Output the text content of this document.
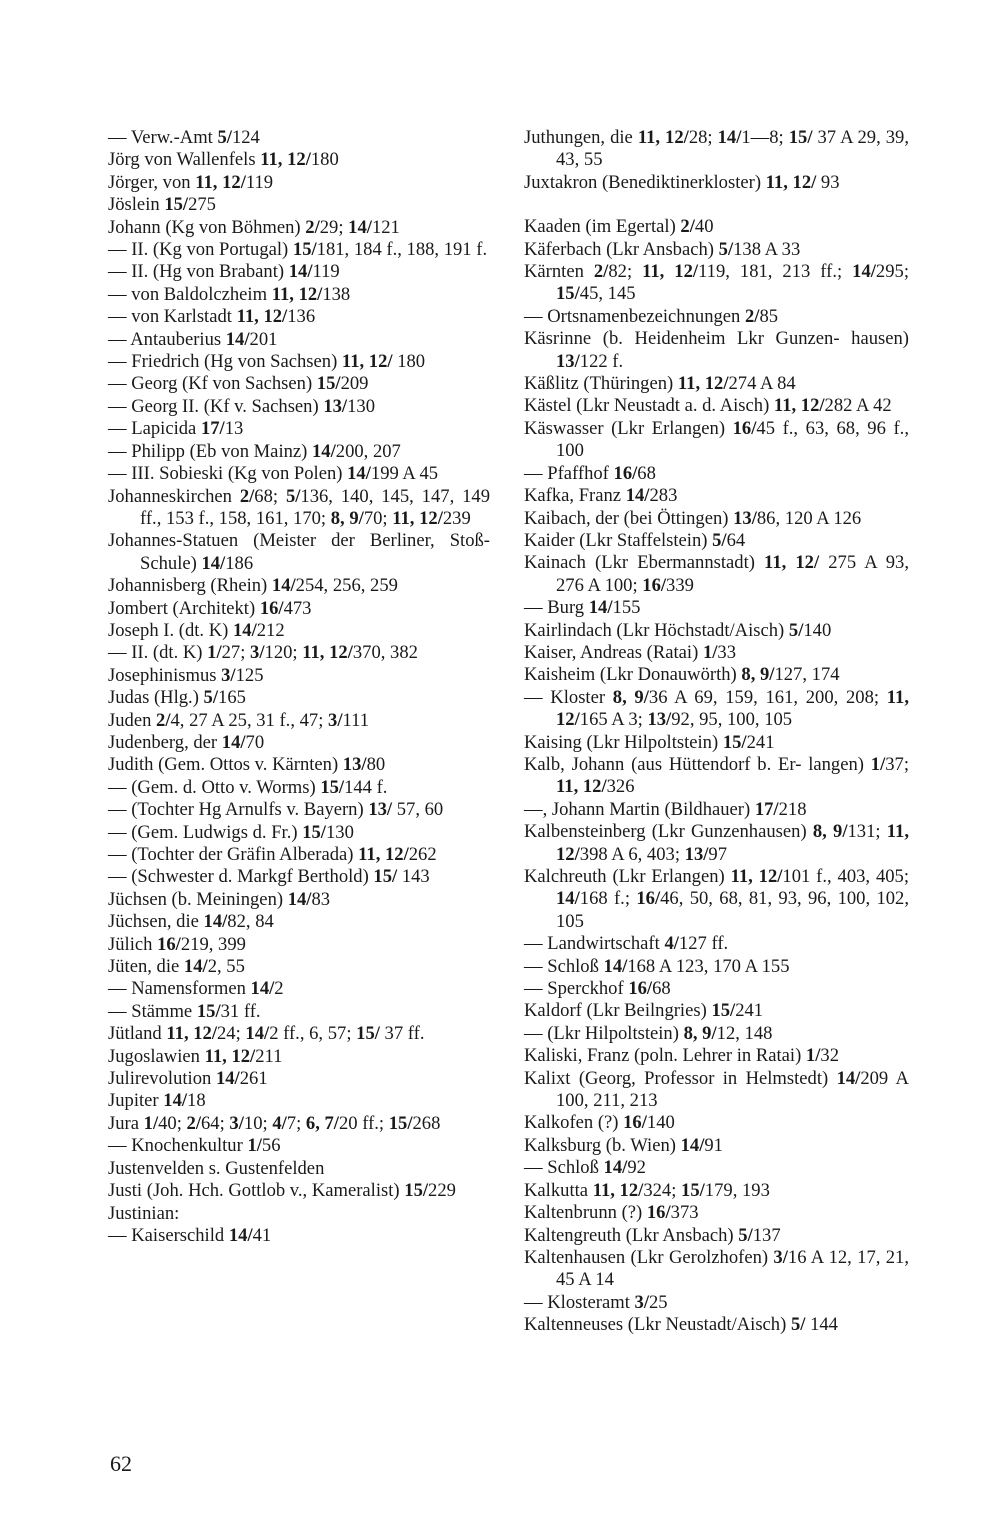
— Verw.-Amt 5/124

Jörg von Wallenfels 11, 12/180

Jörger, von 11, 12/119

Jöslein 15/275

Johann (Kg von Böhmen) 2/29; 14/121

— II. (Kg von Portugal) 15/181, 184 f., 188, 191 f.

— II. (Hg von Brabant) 14/119

— von Baldolczheim 11, 12/138

— von Karlstadt 11, 12/136

— Antauberius 14/201

— Friedrich (Hg von Sachsen) 11, 12/ 180

— Georg (Kf von Sachsen) 15/209

— Georg II. (Kf v. Sachsen) 13/130

— Lapicida 17/13

— Philipp (Eb von Mainz) 14/200, 207

— III. Sobieski (Kg von Polen) 14/199 A 45

Johanneskirchen 2/68; 5/136, 140, 145, 147, 149 ff., 153 f., 158, 161, 170; 8, 9/70; 11, 12/239

Johannes-Statuen (Meister der Berliner, Stoß-Schule) 14/186

Johannisberg (Rhein) 14/254, 256, 259

Jombert (Architekt) 16/473

Joseph I. (dt. K) 14/212

— II. (dt. K) 1/27; 3/120; 11, 12/370, 382

Josephinismus 3/125

Judas (Hlg.) 5/165

Juden 2/4, 27 A 25, 31 f., 47; 3/111

Judenberg, der 14/70

Judith (Gem. Ottos v. Kärnten) 13/80

— (Gem. d. Otto v. Worms) 15/144 f.

— (Tochter Hg Arnulfs v. Bayern) 13/ 57, 60

— (Gem. Ludwigs d. Fr.) 15/130

— (Tochter der Gräfin Alberada) 11, 12/262

— (Schwester d. Markgf Berthold) 15/ 143

Jüchsen (b. Meiningen) 14/83

Jüchsen, die 14/82, 84

Jülich 16/219, 399

Jüten, die 14/2, 55

— Namensformen 14/2

— Stämme 15/31 ff.

Jütland 11, 12/24; 14/2 ff., 6, 57; 15/ 37 ff.

Jugoslawien 11, 12/211

Julirevolution 14/261

Jupiter 14/18

Jura 1/40; 2/64; 3/10; 4/7; 6, 7/20 ff.; 15/268

— Knochenkultur 1/56

Justenvelden s. Gustenfelden

Justi (Joh. Hch. Gottlob v., Kameralist) 15/229

Justinian:

— Kaiserschild 14/41

Juthungen, die 11, 12/28; 14/1—8; 15/ 37 A 29, 39, 43, 55

Juxtakron (Benediktinerkloster) 11, 12/ 93

Kaaden (im Egertal) 2/40

Käferbach (Lkr Ansbach) 5/138 A 33

Kärnten 2/82; 11, 12/119, 181, 213 ff.; 14/295; 15/45, 145

— Ortsnamenbezeichnungen 2/85

Käsrinne (b. Heidenheim Lkr Gunzen- hausen) 13/122 f.

Käßlitz (Thüringen) 11, 12/274 A 84

Kästel (Lkr Neustadt a. d. Aisch) 11, 12/282 A 42

Käswasser (Lkr Erlangen) 16/45 f., 63, 68, 96 f., 100

— Pfaffhof 16/68

Kafka, Franz 14/283

Kaibach, der (bei Öttingen) 13/86, 120 A 126

Kaider (Lkr Staffelstein) 5/64

Kainach (Lkr Ebermannstadt) 11, 12/ 275 A 93, 276 A 100; 16/339

— Burg 14/155

Kairlindach (Lkr Höchstadt/Aisch) 5/140

Kaiser, Andreas (Ratai) 1/33

Kaisheim (Lkr Donauwörth) 8, 9/127, 174

— Kloster 8, 9/36 A 69, 159, 161, 200, 208; 11, 12/165 A 3; 13/92, 95, 100, 105

Kaising (Lkr Hilpoltstein) 15/241

Kalb, Johann (aus Hüttendorf b. Er- langen) 1/37; 11, 12/326

—, Johann Martin (Bildhauer) 17/218

Kalbensteinberg (Lkr Gunzenhausen) 8, 9/131; 11, 12/398 A 6, 403; 13/97

Kalchreuth (Lkr Erlangen) 11, 12/101 f., 403, 405; 14/168 f.; 16/46, 50, 68, 81, 93, 96, 100, 102, 105

— Landwirtschaft 4/127 ff.

— Schloß 14/168 A 123, 170 A 155

— Sperckhof 16/68

Kaldorf (Lkr Beilngries) 15/241

— (Lkr Hilpoltstein) 8, 9/12, 148

Kaliski, Franz (poln. Lehrer in Ratai) 1/32

Kalixt (Georg, Professor in Helmstedt) 14/209 A 100, 211, 213

Kalkofen (?) 16/140

Kalksburg (b. Wien) 14/91

— Schloß 14/92

Kalkutta 11, 12/324; 15/179, 193

Kaltenbrunn (?) 16/373

Kaltengreuth (Lkr Ansbach) 5/137

Kaltenhausen (Lkr Gerolzhofen) 3/16 A 12, 17, 21, 45 A 14

— Klosteramt 3/25

Kaltenneuses (Lkr Neustadt/Aisch) 5/ 144

62
